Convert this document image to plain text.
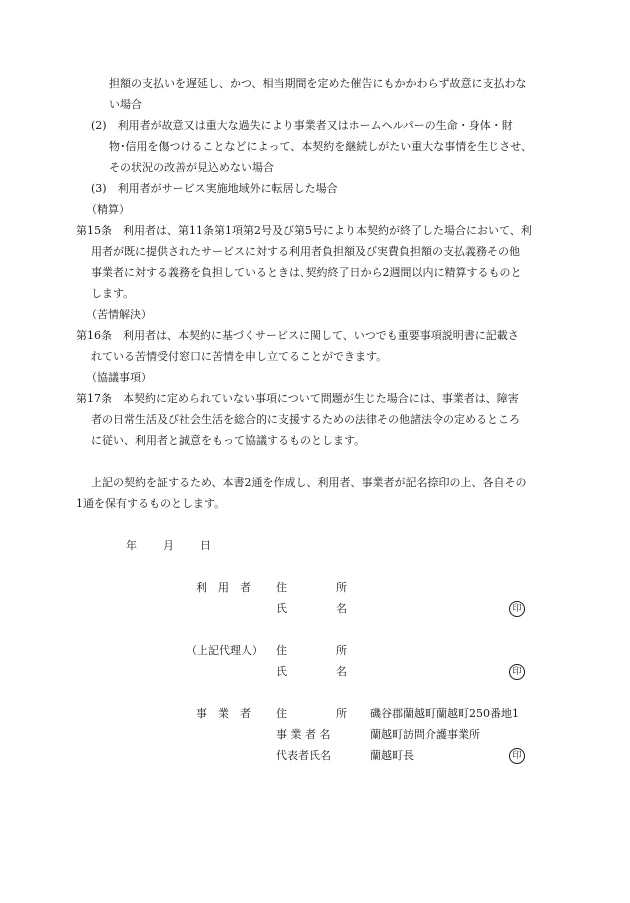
担額の支払いを遅延し、かつ、相当期間を定めた催告にもかかわらず故意に支払わな
い場合
(2)　利用者が故意又は重大な過失により事業者又はホームヘルパーの生命・身体・財
物･信用を傷つけることなどによって、本契約を継続しがたい重大な事情を生じさせ、
その状況の改善が見込めない場合
(3)　利用者がサービス実施地域外に転居した場合
（精算）
第15条　利用者は、第11条第1項第2号及び第5号により本契約が終了した場合において、利
用者が既に提供されたサービスに対する利用者負担額及び実費負担額の支払義務その他
事業者に対する義務を負担しているときは､契約終了日から2週間以内に精算するものと
します。
（苦情解決）
第16条　利用者は、本契約に基づくサービスに関して、いつでも重要事項説明書に記載さ
れている苦情受付窓口に苦情を申し立てることができます。
（協議事項）
第17条　本契約に定められていない事項について問題が生じた場合には、事業者は、障害
者の日常生活及び社会生活を総合的に支援するための法律その他諸法令の定めるところ
に従い、利用者と誠意をもって協議するものとします。
上記の契約を証するため、本書2通を作成し、利用者、事業者が記名捺印の上、各自その
1通を保有するものとします。
年 月 日
利　用　者 住	所
氏	名	印
（上記代理人） 住	所
氏	名	印
事　業　者 住	所 磯谷郡蘭越町蘭越町250番地1
事 業 者 名	蘭越町訪問介護事業所
代表者氏名	蘭越町長	印
